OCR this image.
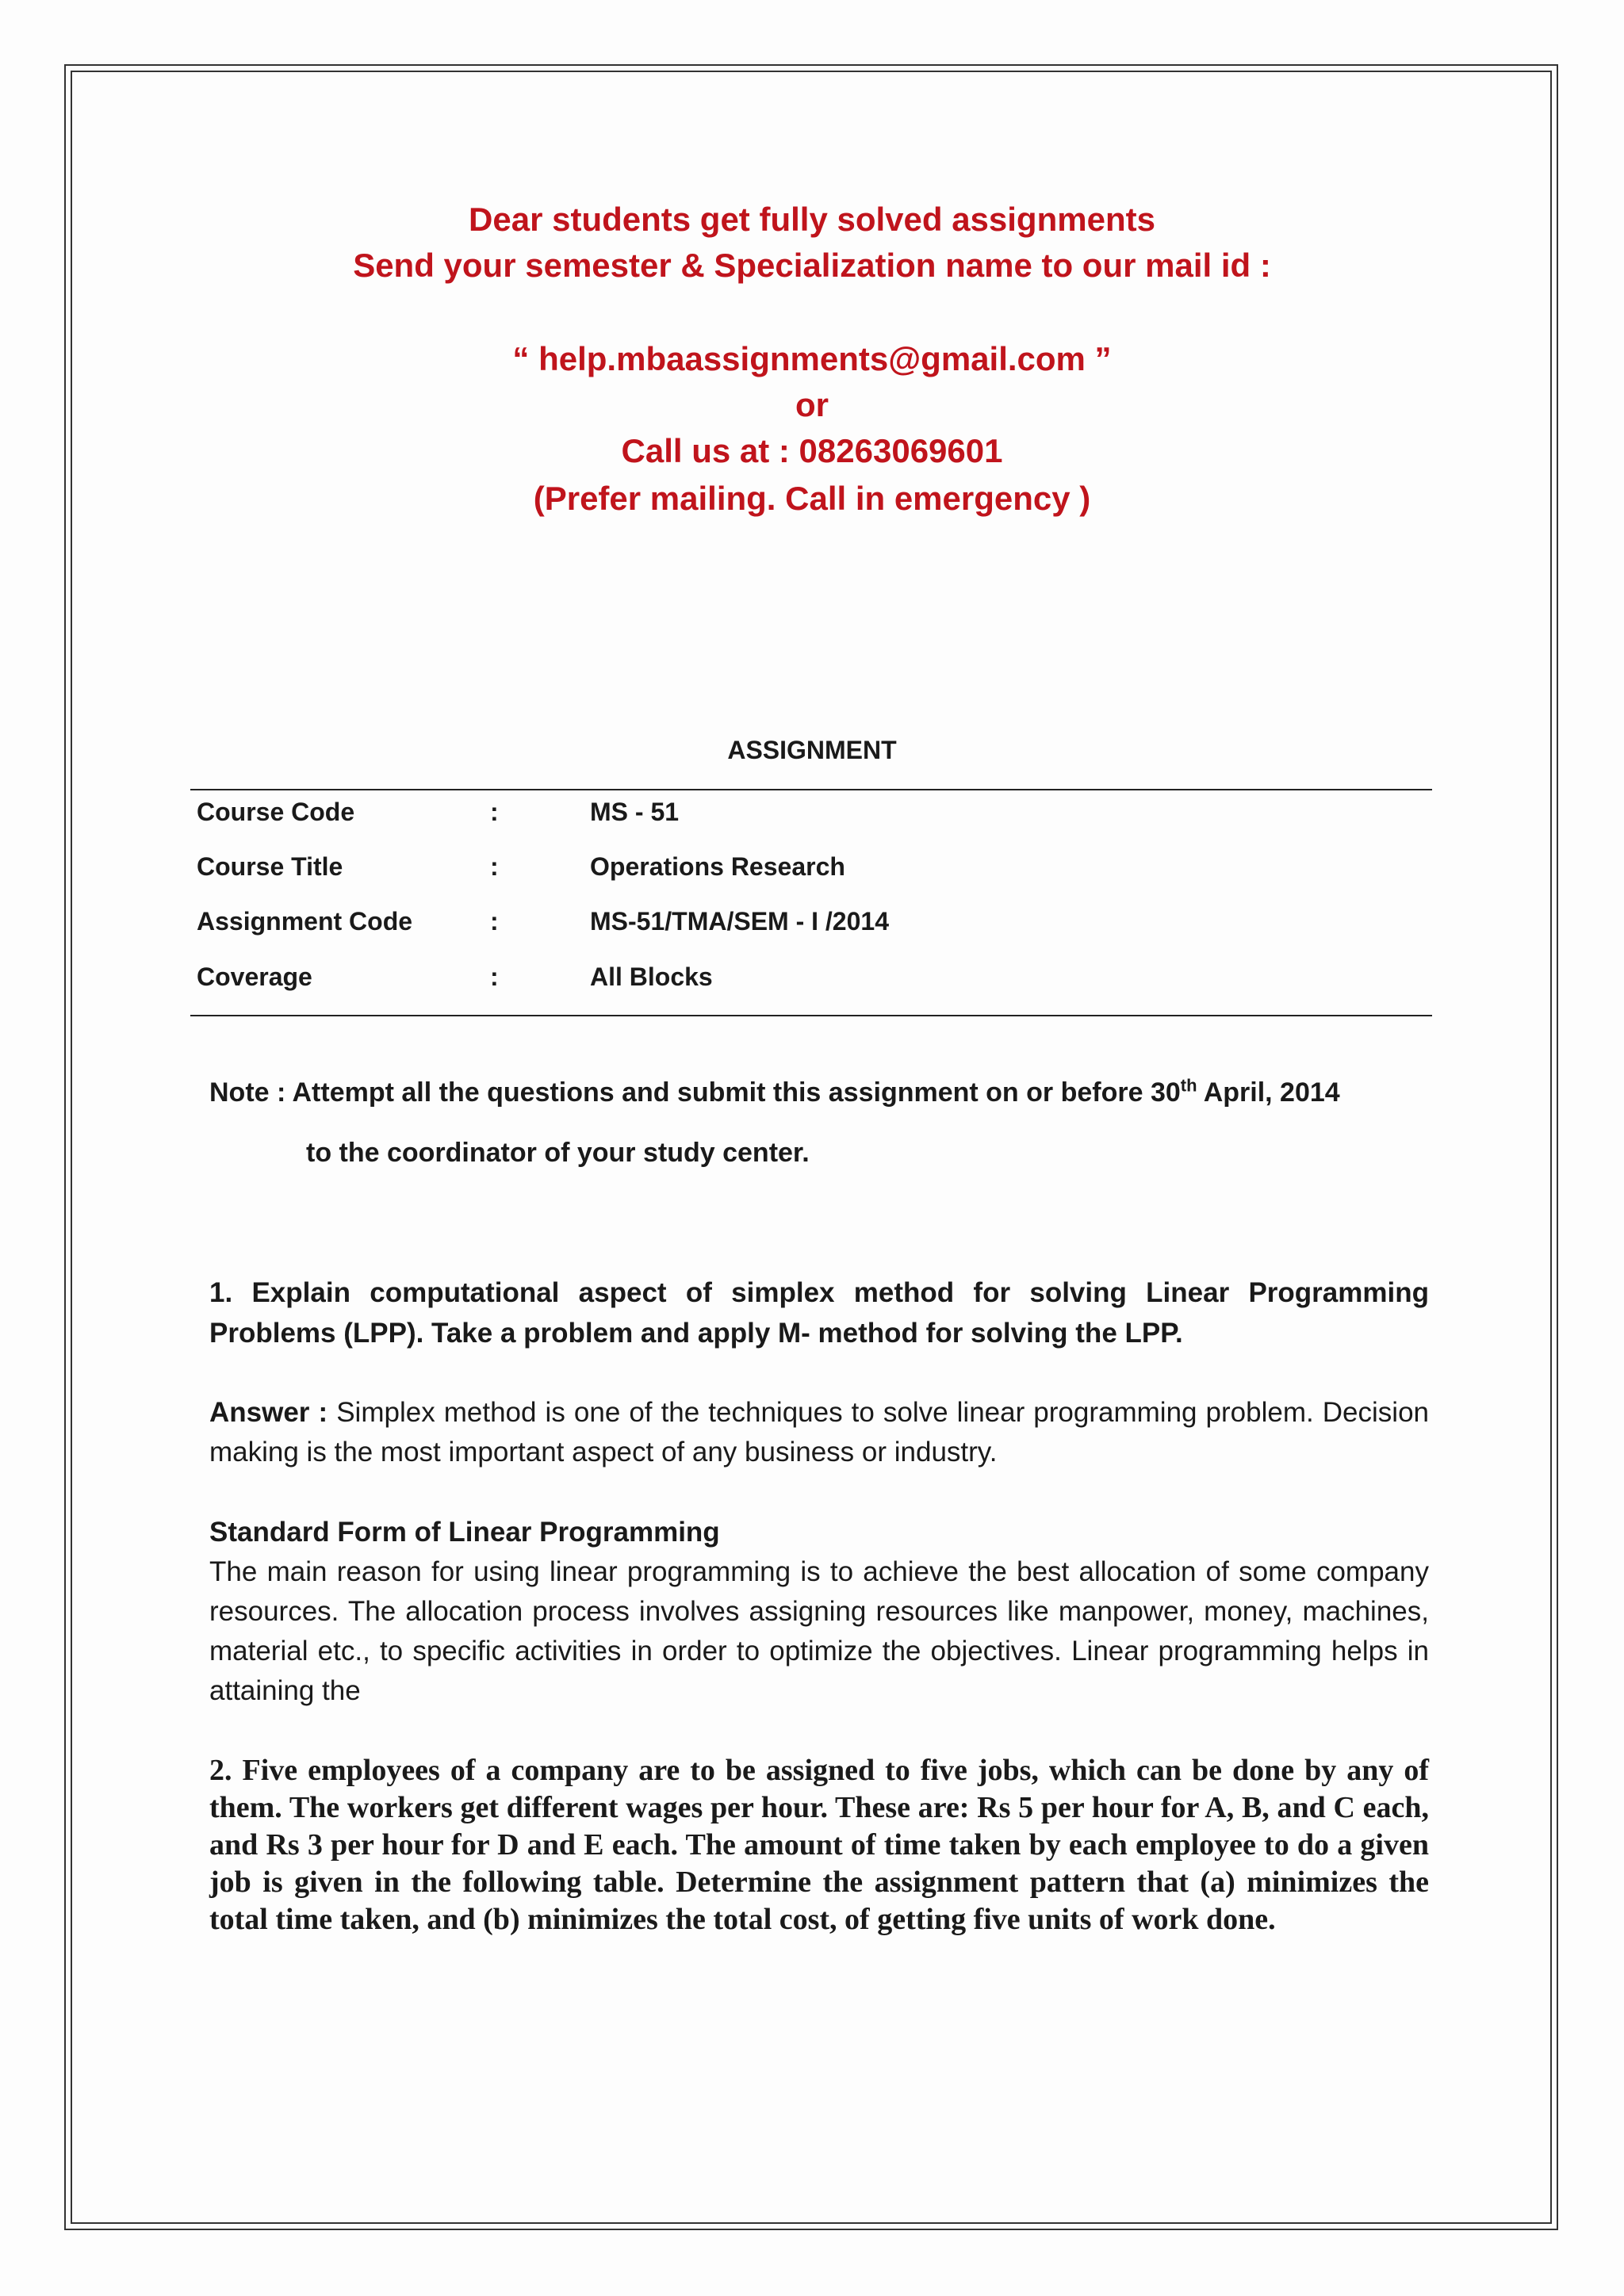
Dear students get fully solved assignments
Send your semester & Specialization name to our mail id :
“ help.mbaassignments@gmail.com ”
or
Call us at : 08263069601
(Prefer mailing. Call in emergency )
ASSIGNMENT
Course Code	:	MS - 51
Course Title	:	Operations Research
Assignment Code	:	MS-51/TMA/SEM - I /2014
Coverage	:	All Blocks
Note : Attempt all the questions and submit this assignment on or before 30th April, 2014
to the coordinator of your study center.
1. Explain computational aspect of simplex method for solving Linear Programming Problems (LPP). Take a problem and apply M- method for solving the LPP.
Answer : Simplex method is one of the techniques to solve linear programming problem. Decision making is the most important aspect of any business or industry.
Standard Form of Linear Programming
The main reason for using linear programming is to achieve the best allocation of some company resources. The allocation process involves assigning resources like manpower, money, machines, material etc., to specific activities in order to optimize the objectives. Linear programming helps in attaining the
2. Five employees of a company are to be assigned to five jobs, which can be done by any of them. The workers get different wages per hour. These are: Rs 5 per hour for A, B, and C each, and Rs 3 per hour for D and E each. The amount of time taken by each employee to do a given job is given in the following table. Determine the assignment pattern that (a) minimizes the total time taken, and (b) minimizes the total cost, of getting five units of work done.
